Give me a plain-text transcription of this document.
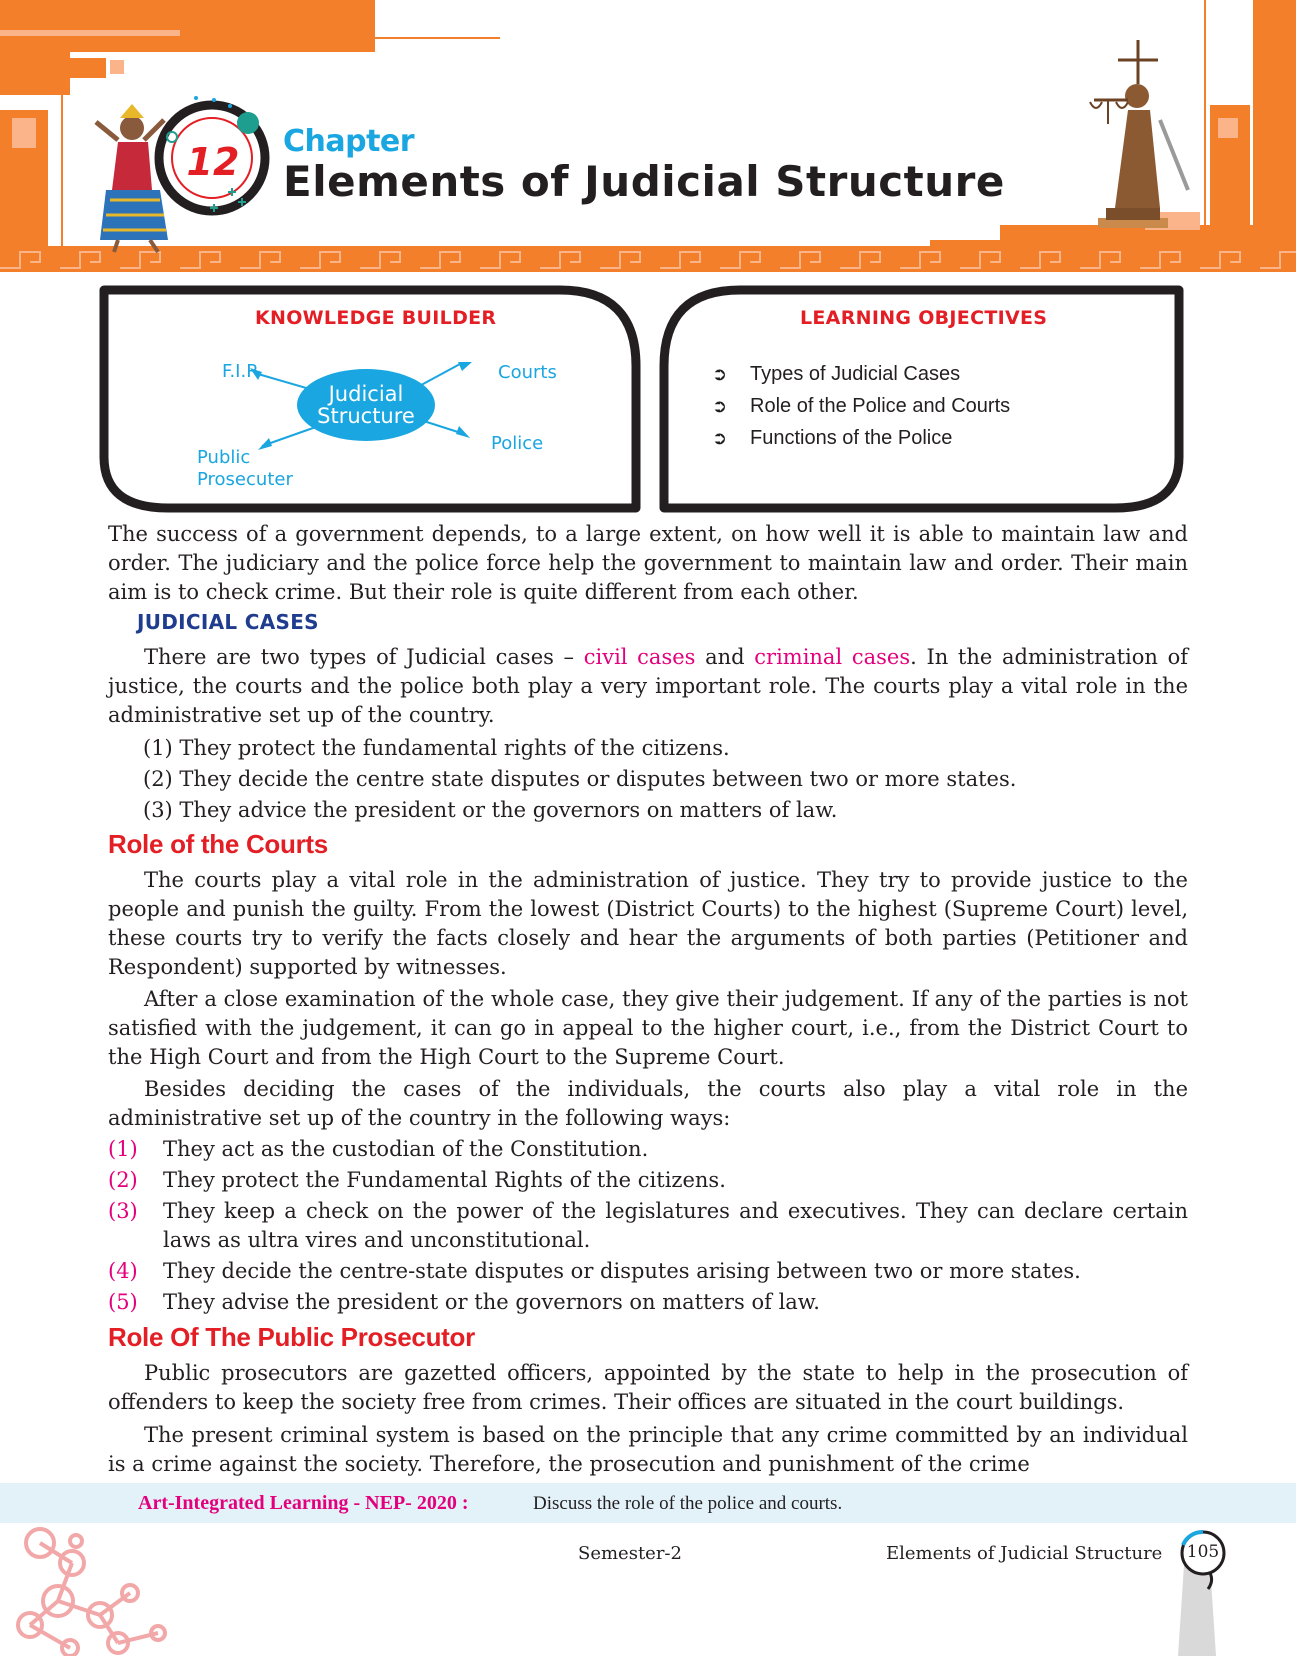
12 Chapter
Elements of Judicial Structure
KNOWLEDGE BUILDER
Judicial
Structure
F.I.R	Courts
Police
Public
Prosecuter
LEARNING OBJECTIVES
➲ Types of Judicial Cases
➲ Role of the Police and Courts
➲ Functions of the Police

The success of a government depends, to a large extent, on how well it is able to maintain law and order. The judiciary and the police force help the government to maintain law and order. Their main aim is to check crime. But their role is quite different from each other.

JUDICIAL CASES

There are two types of Judicial cases – civil cases and criminal cases. In the administration of justice, the courts and the police both play a very important role. The courts play a vital role in the administrative set up of the country.

(1) They protect the fundamental rights of the citizens.

(2) They decide the centre state disputes or disputes between two or more states.

(3) They advice the president or the governors on matters of law.

Role of the Courts

The courts play a vital role in the administration of justice. They try to provide justice to the people and punish the guilty. From the lowest (District Courts) to the highest (Supreme Court) level, these courts try to verify the facts closely and hear the arguments of both parties (Petitioner and Respondent) supported by witnesses.

After a close examination of the whole case, they give their judgement. If any of the parties is not satisfied with the judgement, it can go in appeal to the higher court, i.e., from the District Court to the High Court and from the High Court to the Supreme Court.

Besides deciding the cases of the individuals, the courts also play a vital role in the administrative set up of the country in the following ways:

(1) They act as the custodian of the Constitution.
(2) They protect the Fundamental Rights of the citizens.
(3) They keep a check on the power of the legislatures and executives. They can declare certain laws as ultra vires and unconstitutional.
(4) They decide the centre-state disputes or disputes arising between two or more states.
(5) They advise the president or the governors on matters of law.
Role Of The Public Prosecutor

Public prosecutors are gazetted officers, appointed by the state to help in the prosecution of offenders to keep the society free from crimes. Their offices are situated in the court buildings.

The present criminal system is based on the principle that any crime committed by an individual is a crime against the society. Therefore, the prosecution and punishment of the crime

Art-Integrated Learning - NEP- 2020 :	Discuss the role of the police and courts.
Semester-2	Elements of Judicial Structure 105
